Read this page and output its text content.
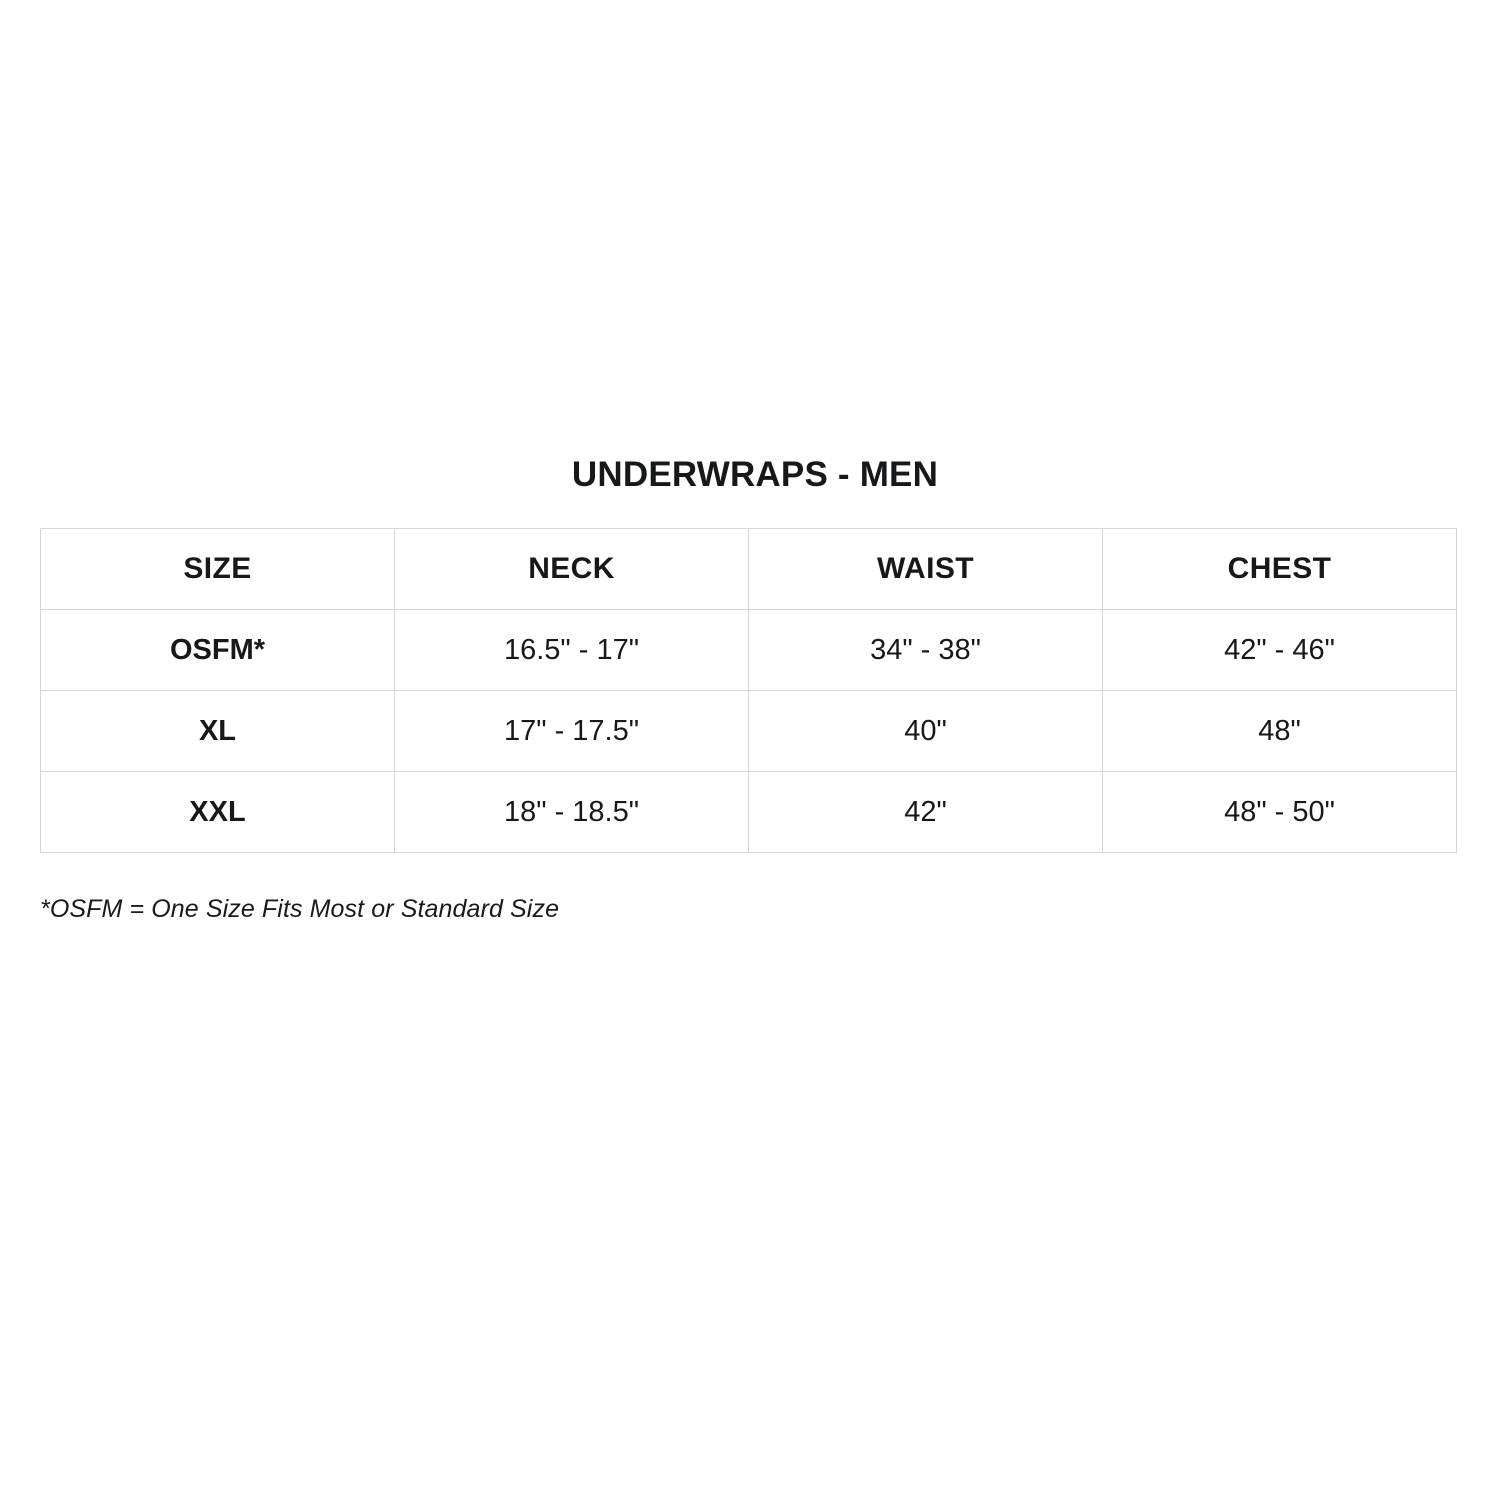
UNDERWRAPS - MEN
SIZE	NECK	WAIST	CHEST
OSFM*	16.5" - 17"	34" - 38"	42" - 46"
XL	17" - 17.5"	40"	48"
XXL	18" - 18.5"	42"	48" - 50"
*OSFM = One Size Fits Most or Standard Size
